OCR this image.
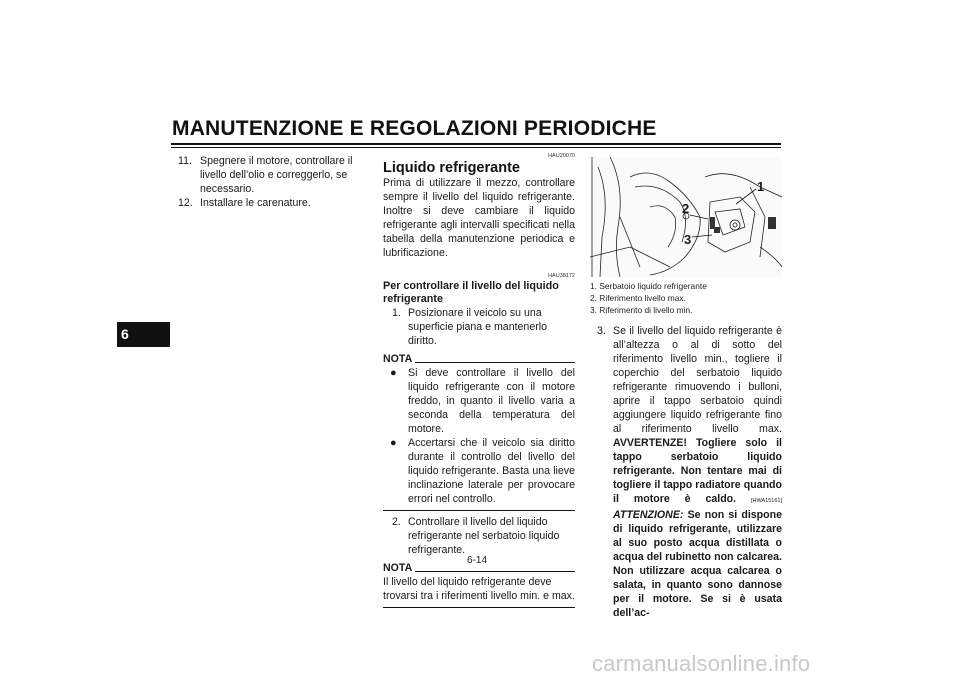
MANUTENZIONE E REGOLAZIONI PERIODICHE
6
11. Spegnere il motore, controllare il livello dell’olio e correggerlo, se necessario.
12. Installare le carenature.
HAU20070
Liquido refrigerante
Prima di utilizzare il mezzo, controllare sempre il livello del liquido refrigerante. Inoltre si deve cambiare il liquido refrigerante agli intervalli specificati nella tabella della manutenzione periodica e lubrificazione.
HAU38172
Per controllare il livello del liquido refrigerante
1. Posizionare il veicolo su una superficie piana e mantenerlo diritto.
NOTA
●	Si deve controllare il livello del liquido refrigerante con il motore freddo, in quanto il livello varia a seconda della temperatura del motore.
●	Accertarsi che il veicolo sia diritto durante il controllo del livello del liquido refrigerante. Basta una lieve inclinazione laterale per provocare errori nel controllo.
2. Controllare il livello del liquido refrigerante nel serbatoio liquido refrigerante.
NOTA
Il livello del liquido refrigerante deve trovarsi tra i riferimenti livello min. e max.
1
2
3
1. Serbatoio liquido refrigerante
2. Riferimento livello max.
3. Riferimento di livello min.
3. Se il livello del liquido refrigerante è all’altezza o al di sotto del riferimento livello min., togliere il coperchio del serbatoio liquido refrigerante rimuovendo i bulloni, aprire il tappo serbatoio quindi aggiungere liquido refrigerante fino al riferimento livello max. AVVERTENZE! Togliere solo il tappo serbatoio liquido refrigerante. Non tentare mai di togliere il tappo radiatore quando il motore è caldo.	[HWA15161] ATTENZIONE: Se non si dispone di liquido refrigerante, utilizzare al suo posto acqua distillata o acqua del rubinetto non calcarea. Non utilizzare acqua calcarea o salata, in quanto sono dannose per il motore. Se si è usata dell’ac-
6-14
carmanualsonline.info
